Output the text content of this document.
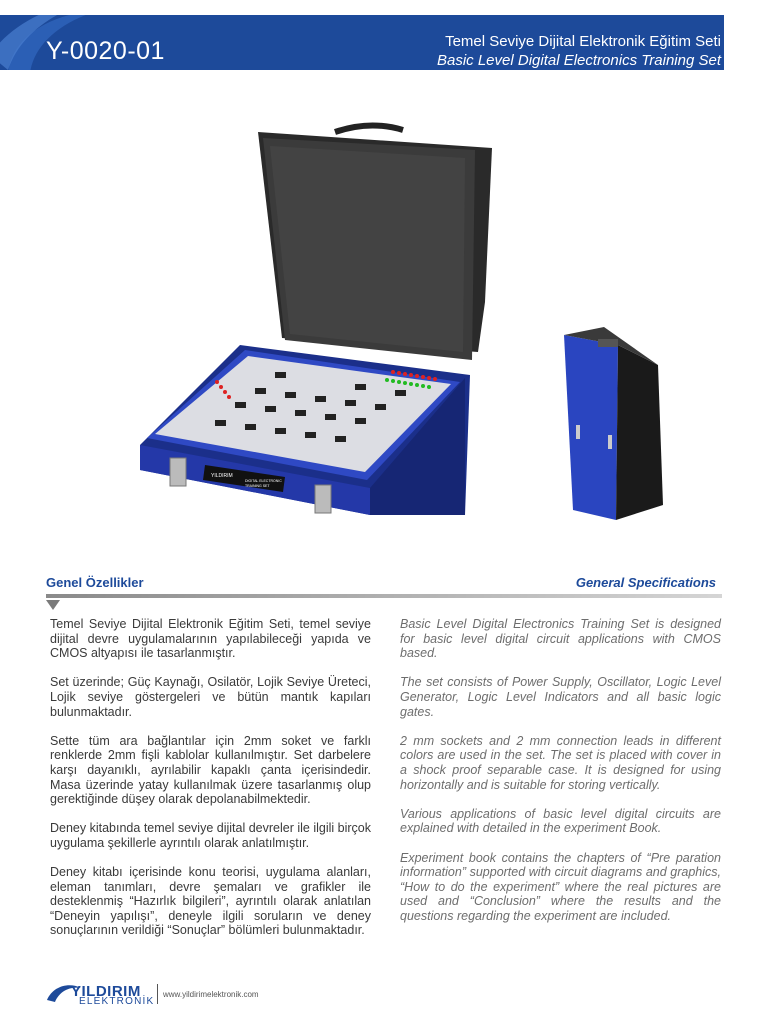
Y-0020-01	Temel Seviye Dijital Elektronik Eğitim Seti
Basic Level Digital Electronics Training Set
YILDIRIM
DIGITAL ELECTRONIC
TRAINING SET
Genel Özellikler	General Specifications

Temel Seviye Dijital Elektronik Eğitim Seti, temel seviye dijital devre uygulamalarının yapılabileceği yapıda ve CMOS altyapısı ile tasarlanmıştır.

Set üzerinde; Güç Kaynağı, Osilatör, Lojik Seviye Üreteci, Lojik seviye göstergeleri ve bütün mantık kapıları bulunmaktadır.

Sette tüm ara bağlantılar için 2mm soket ve farklı renklerde 2mm fişli kablolar kullanılmıştır. Set darbelere karşı dayanıklı, ayrılabilir kapaklı çanta içerisindedir. Masa üzerinde yatay kullanılmak üzere tasarlanmış olup gerektiğinde düşey olarak depolanabilmektedir.

Deney kitabında temel seviye dijital devreler ile ilgili birçok uygulama şekillerle ayrıntılı olarak anlatılmıştır.

Deney kitabı içerisinde konu teorisi, uygulama alanları, eleman tanımları, devre şemaları ve grafikler ile desteklenmiş “Hazırlık bilgileri”, ayrıntılı olarak anlatılan “Deneyin yapılışı”, deneyle ilgili soruların ve deney sonuçlarının verildiği “Sonuçlar” bölümleri bulunmaktadır.

Basic Level Digital Electronics Training Set is designed for basic level digital circuit applications with CMOS based.

The set consists of Power Supply, Oscillator, Logic Level Generator, Logic Level Indicators and all basic logic gates.

2 mm sockets and 2 mm connection leads in different colors are used in the set. The set is placed with cover in a shock proof separable case. It is designed for using horizontally and is suitable for storing vertically.

Various applications of basic level digital circuits are explained with detailed in the experiment Book.

Experiment book contains the chapters of “Pre paration information” supported with circuit diagrams and graphics, “How to do the experiment” where the real pictures are used and “Conclusion” where the results and the questions regarding the experiment are included.

YILDIRIM
ELEKTRONİK
www.yildirimelektronik.com
